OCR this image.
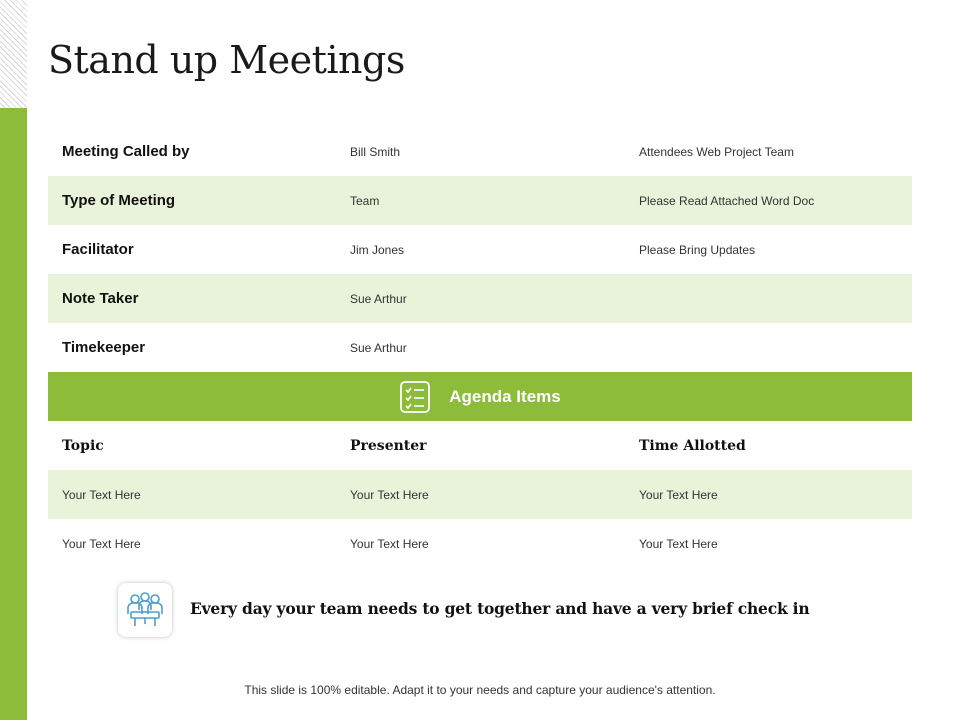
Stand up Meetings
Meeting Called by	Bill Smith	Attendees Web Project Team
Type of Meeting	Team	Please Read Attached Word Doc
Facilitator	Jim Jones	Please Bring Updates
Note Taker	Sue Arthur
Timekeeper	Sue Arthur
Agenda Items
Topic	Presenter	Time Allotted
Your Text Here	Your Text Here	Your Text Here
Your Text Here	Your Text Here	Your Text Here

Every day your team needs to get together and have a very brief check in

This slide is 100% editable. Adapt it to your needs and capture your audience's attention.
